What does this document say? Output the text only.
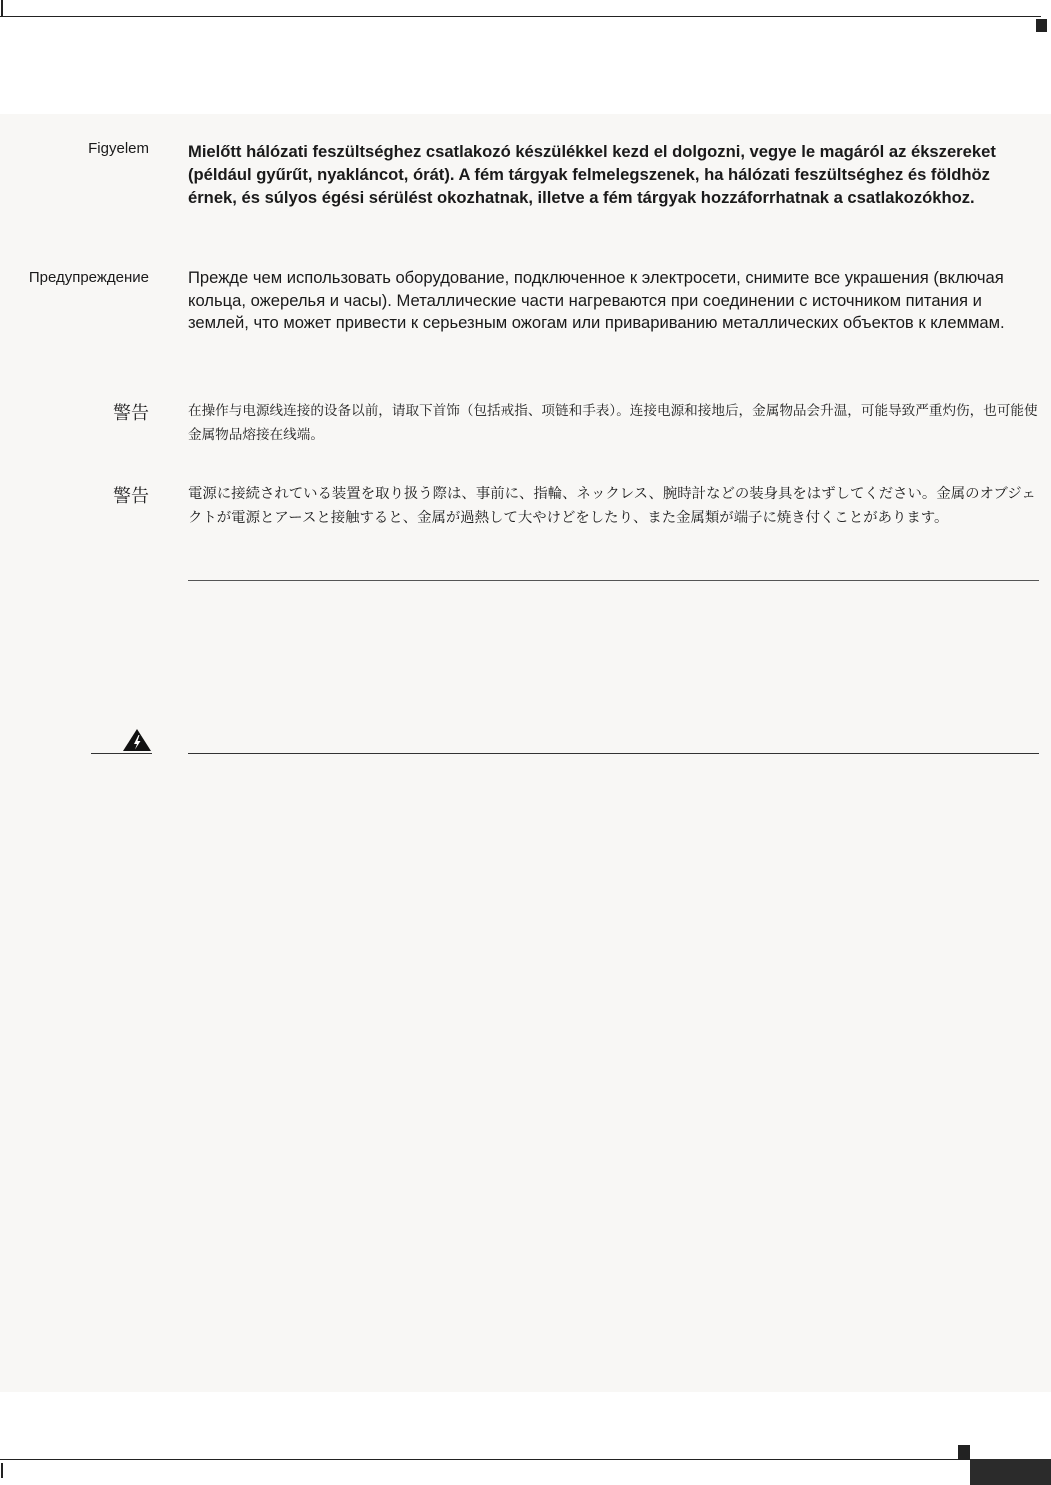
Figyelem Mielőtt hálózati feszültséghez csatlakozó készülékkel kezd el dolgozni, vegye le magáról az ékszereket (például gyűrűt, nyakláncot, órát). A fém tárgyak felmelegszenek, ha hálózati feszültséghez és földhöz érnek, és súlyos égési sérülést okozhatnak, illetve a fém tárgyak hozzáforrhatnak a csatlakozókhoz.

Предупреждение Прежде чем использовать оборудование, подключенное к электросети, снимите все украшения (включая кольца, ожерелья и часы). Металлические части нагреваются при соединении с источником питания и землей, что может привести к серьезным ожогам или привариванию металлических объектов к клеммам.

警告	在操作与电源线连接的设备以前，请取下首饰（包括戒指、项链和手表）。连接电源和接地后，金属物品会升温，可能导致严重灼伤，也可能使金属物品熔接在线端。

警告	電源に接続されている装置を取り扱う際は、事前に、指輪、ネックレス、腕時計などの装身具をはずしてください。金属のオブジェクトが電源とアースと接触すると、金属が過熱して大やけどをしたり、また金属類が端子に焼き付くことがあります。
